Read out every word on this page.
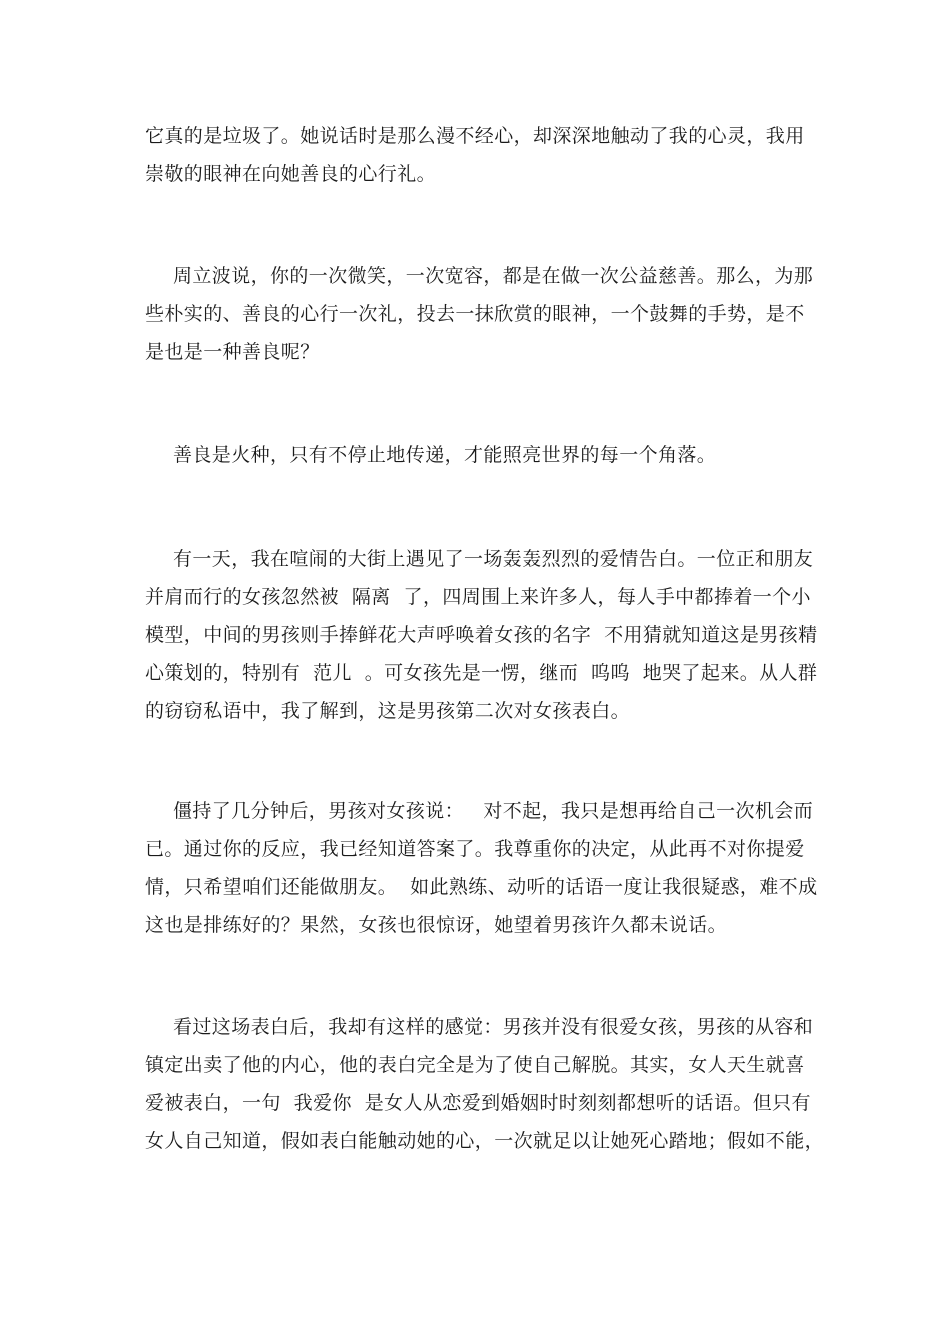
它真的是垃圾了。她说话时是那么漫不经心，却深深地触动了我的心灵，我用
崇敬的眼神在向她善良的心行礼。
周立波说，你的一次微笑，一次宽容，都是在做一次公益慈善。那么，为那
些朴实的、善良的心行一次礼，投去一抹欣赏的眼神，一个鼓舞的手势，是不
是也是一种善良呢？
善良是火种，只有不停止地传递，才能照亮世界的每一个角落。
有一天，我在喧闹的大街上遇见了一场轰轰烈烈的爱情告白。一位正和朋友
并肩而行的女孩忽然被  隔离  了，四周围上来许多人，每人手中都捧着一个小
模型，中间的男孩则手捧鲜花大声呼唤着女孩的名字  不用猜就知道这是男孩精
心策划的，特别有  范儿  。可女孩先是一愣，继而  呜呜  地哭了起来。从人群
的窃窃私语中，我了解到，这是男孩第二次对女孩表白。
僵持了几分钟后，男孩对女孩说：   对不起，我只是想再给自己一次机会而
已。通过你的反应，我已经知道答案了。我尊重你的决定，从此再不对你提爱
情，只希望咱们还能做朋友。  如此熟练、动听的话语一度让我很疑惑，难不成
这也是排练好的？果然，女孩也很惊讶，她望着男孩许久都未说话。
看过这场表白后，我却有这样的感觉：男孩并没有很爱女孩，男孩的从容和
镇定出卖了他的内心，他的表白完全是为了使自己解脱。其实，女人天生就喜
爱被表白，一句  我爱你  是女人从恋爱到婚姻时时刻刻都想听的话语。但只有
女人自己知道，假如表白能触动她的心，一次就足以让她死心踏地；假如不能，
